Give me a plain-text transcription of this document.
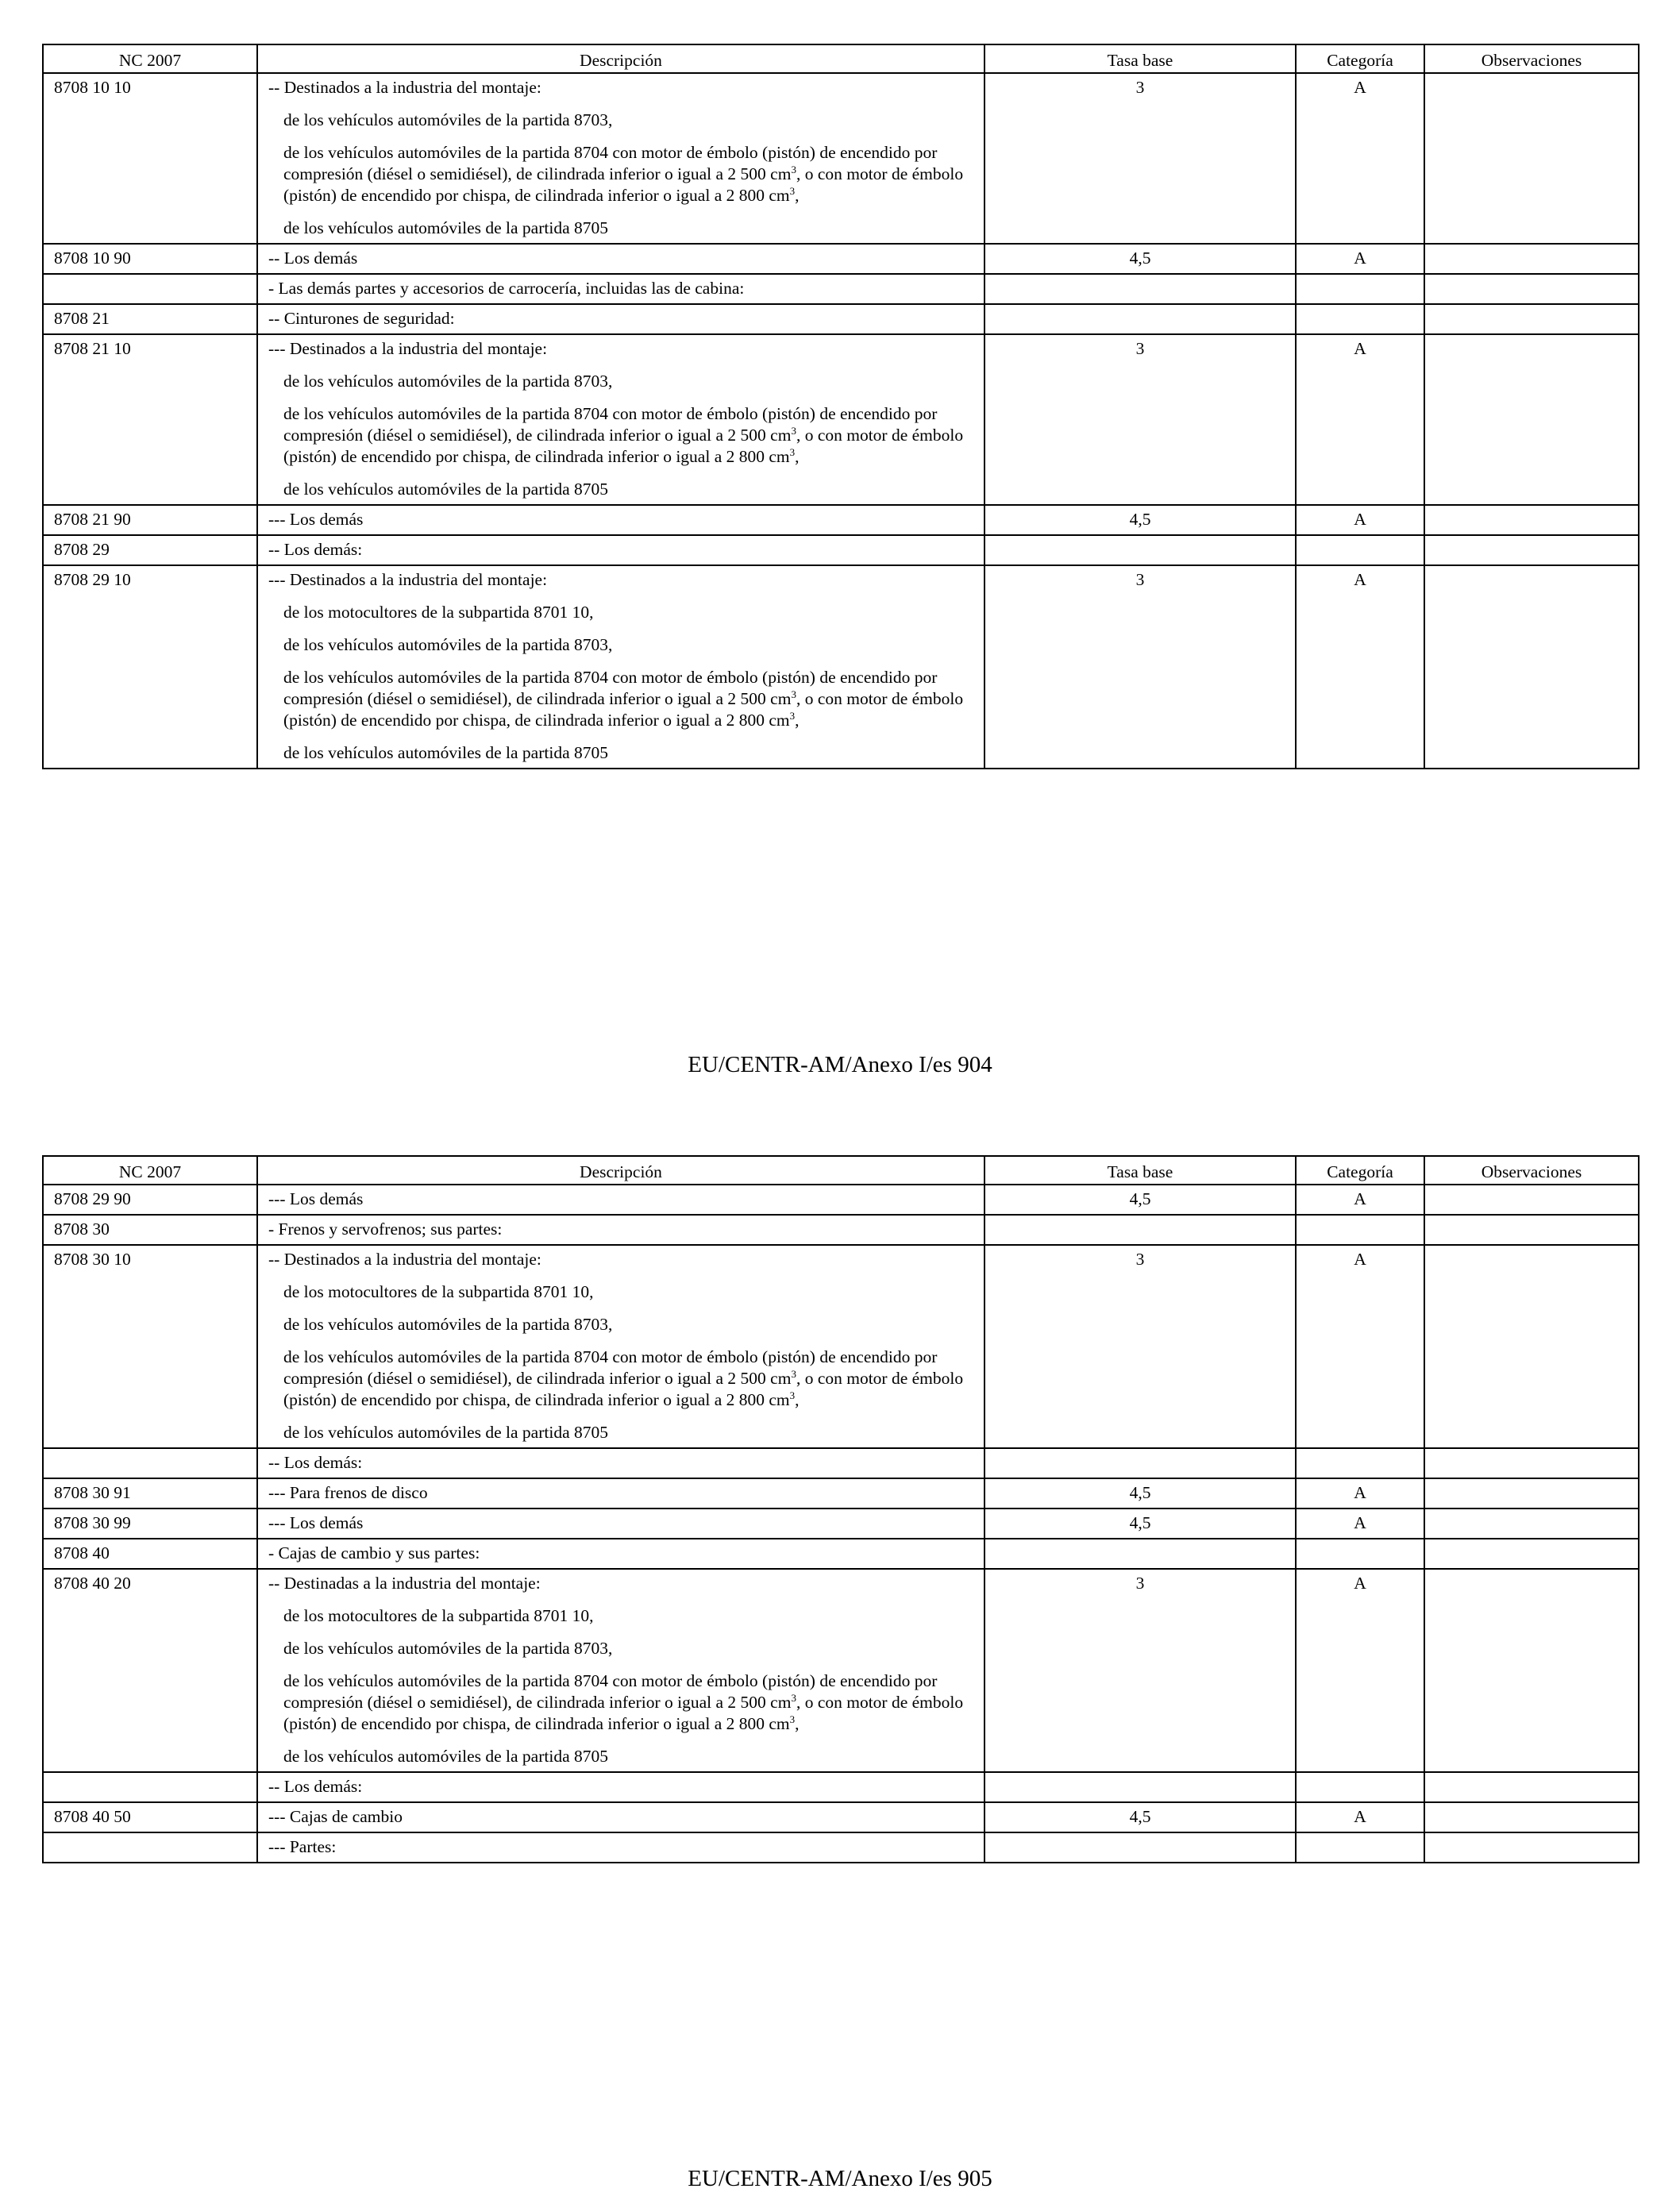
NC 2007	Descripción	Tasa base	Categoría	Observaciones
8708 10 10	-- Destinados a la industria del montaje:

de los vehículos automóviles de la partida 8703,

de los vehículos automóviles de la partida 8704 con motor de émbolo (pistón) de encendido por compresión (diésel o semidiésel), de cilindrada inferior o igual a 2 500 $cm^3$, o con motor de émbolo (pistón) de encendido por chispa, de cilindrada inferior o igual a 2 800 $cm^3$,

de los vehículos automóviles de la partida 8705	3	A	
8708 10 90	-- Los demás	4,5	A	
	- Las demás partes y accesorios de carrocería, incluidas las de cabina:			
8708 21	-- Cinturones de seguridad:			
8708 21 10	--- Destinados a la industria del montaje:

de los vehículos automóviles de la partida 8703,

de los vehículos automóviles de la partida 8704 con motor de émbolo (pistón) de encendido por compresión (diésel o semidiésel), de cilindrada inferior o igual a 2 500 $cm^3$, o con motor de émbolo (pistón) de encendido por chispa, de cilindrada inferior o igual a 2 800 $cm^3$,

de los vehículos automóviles de la partida 8705	3	A	
8708 21 90	--- Los demás	4,5	A	
8708 29	-- Los demás:			
8708 29 10	--- Destinados a la industria del montaje:

de los motocultores de la subpartida 8701 10,

de los vehículos automóviles de la partida 8703,

de los vehículos automóviles de la partida 8704 con motor de émbolo (pistón) de encendido por compresión (diésel o semidiésel), de cilindrada inferior o igual a 2 500 $cm^3$, o con motor de émbolo (pistón) de encendido por chispa, de cilindrada inferior o igual a 2 800 $cm^3$,

de los vehículos automóviles de la partida 8705	3	A	
EU/CENTR-AM/Anexo I/es 904
NC 2007	Descripción	Tasa base	Categoría	Observaciones
8708 29 90	--- Los demás	4,5	A	
8708 30	- Frenos y servofrenos; sus partes:			
8708 30 10	-- Destinados a la industria del montaje:

de los motocultores de la subpartida 8701 10,

de los vehículos automóviles de la partida 8703,

de los vehículos automóviles de la partida 8704 con motor de émbolo (pistón) de encendido por compresión (diésel o semidiésel), de cilindrada inferior o igual a 2 500 $cm^3$, o con motor de émbolo (pistón) de encendido por chispa, de cilindrada inferior o igual a 2 800 $cm^3$,

de los vehículos automóviles de la partida 8705	3	A	
	-- Los demás:			
8708 30 91	--- Para frenos de disco	4,5	A	
8708 30 99	--- Los demás	4,5	A	
8708 40	- Cajas de cambio y sus partes:			
8708 40 20	-- Destinadas a la industria del montaje:

de los motocultores de la subpartida 8701 10,

de los vehículos automóviles de la partida 8703,

de los vehículos automóviles de la partida 8704 con motor de émbolo (pistón) de encendido por compresión (diésel o semidiésel), de cilindrada inferior o igual a 2 500 $cm^3$, o con motor de émbolo (pistón) de encendido por chispa, de cilindrada inferior o igual a 2 800 $cm^3$,

de los vehículos automóviles de la partida 8705	3	A	
	-- Los demás:			
8708 40 50	--- Cajas de cambio	4,5	A	
	--- Partes:			
EU/CENTR-AM/Anexo I/es 905
